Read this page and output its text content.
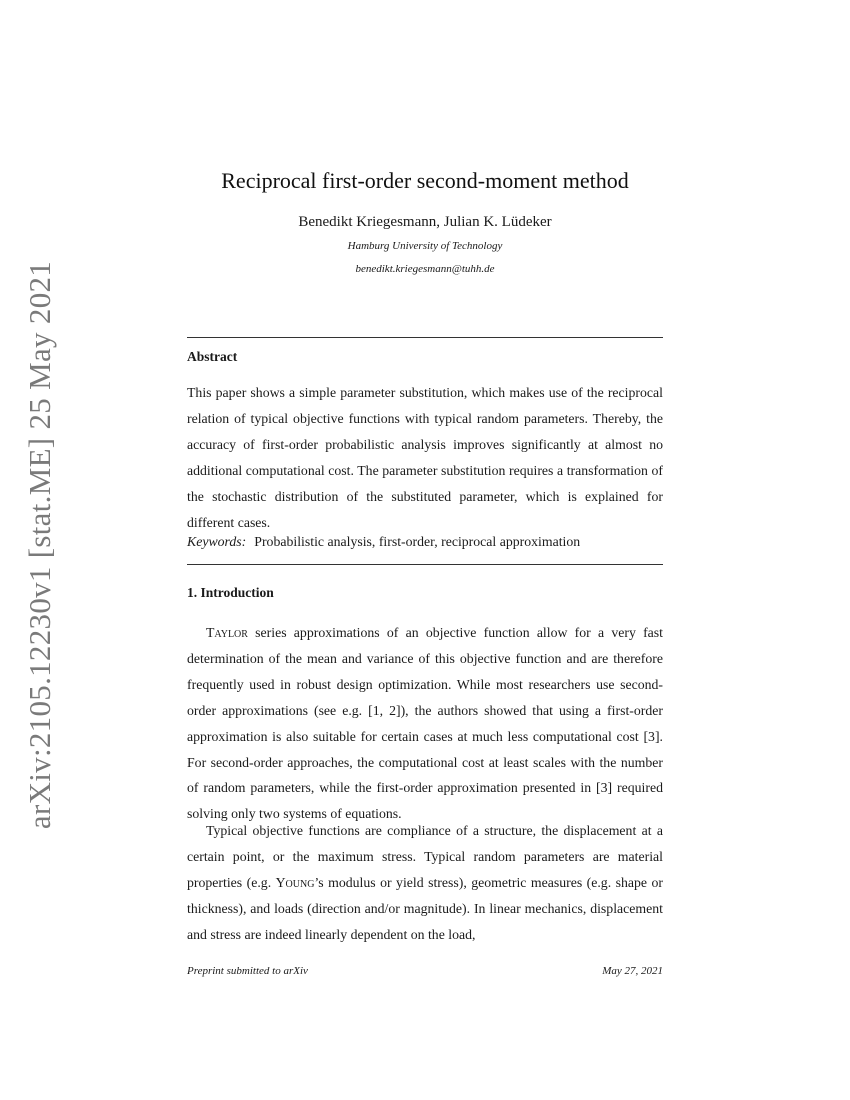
arXiv:2105.12230v1 [stat.ME] 25 May 2021
Reciprocal first-order second-moment method
Benedikt Kriegesmann, Julian K. Lüdeker
Hamburg University of Technology
benedikt.kriegesmann@tuhh.de
Abstract
This paper shows a simple parameter substitution, which makes use of the reciprocal relation of typical objective functions with typical random parameters. Thereby, the accuracy of first-order probabilistic analysis improves significantly at almost no additional computational cost. The parameter substitution requires a transformation of the stochastic distribution of the substituted parameter, which is explained for different cases.
Keywords: Probabilistic analysis, first-order, reciprocal approximation
1. Introduction
Taylor series approximations of an objective function allow for a very fast determination of the mean and variance of this objective function and are therefore frequently used in robust design optimization. While most researchers use second-order approximations (see e.g. [1, 2]), the authors showed that using a first-order approximation is also suitable for certain cases at much less computational cost [3]. For second-order approaches, the computational cost at least scales with the number of random parameters, while the first-order approximation presented in [3] required solving only two systems of equations.
Typical objective functions are compliance of a structure, the displacement at a certain point, or the maximum stress. Typical random parameters are material properties (e.g. Young’s modulus or yield stress), geometric measures (e.g. shape or thickness), and loads (direction and/or magnitude). In linear mechanics, displacement and stress are indeed linearly dependent on the load,
Preprint submitted to arXiv	May 27, 2021
